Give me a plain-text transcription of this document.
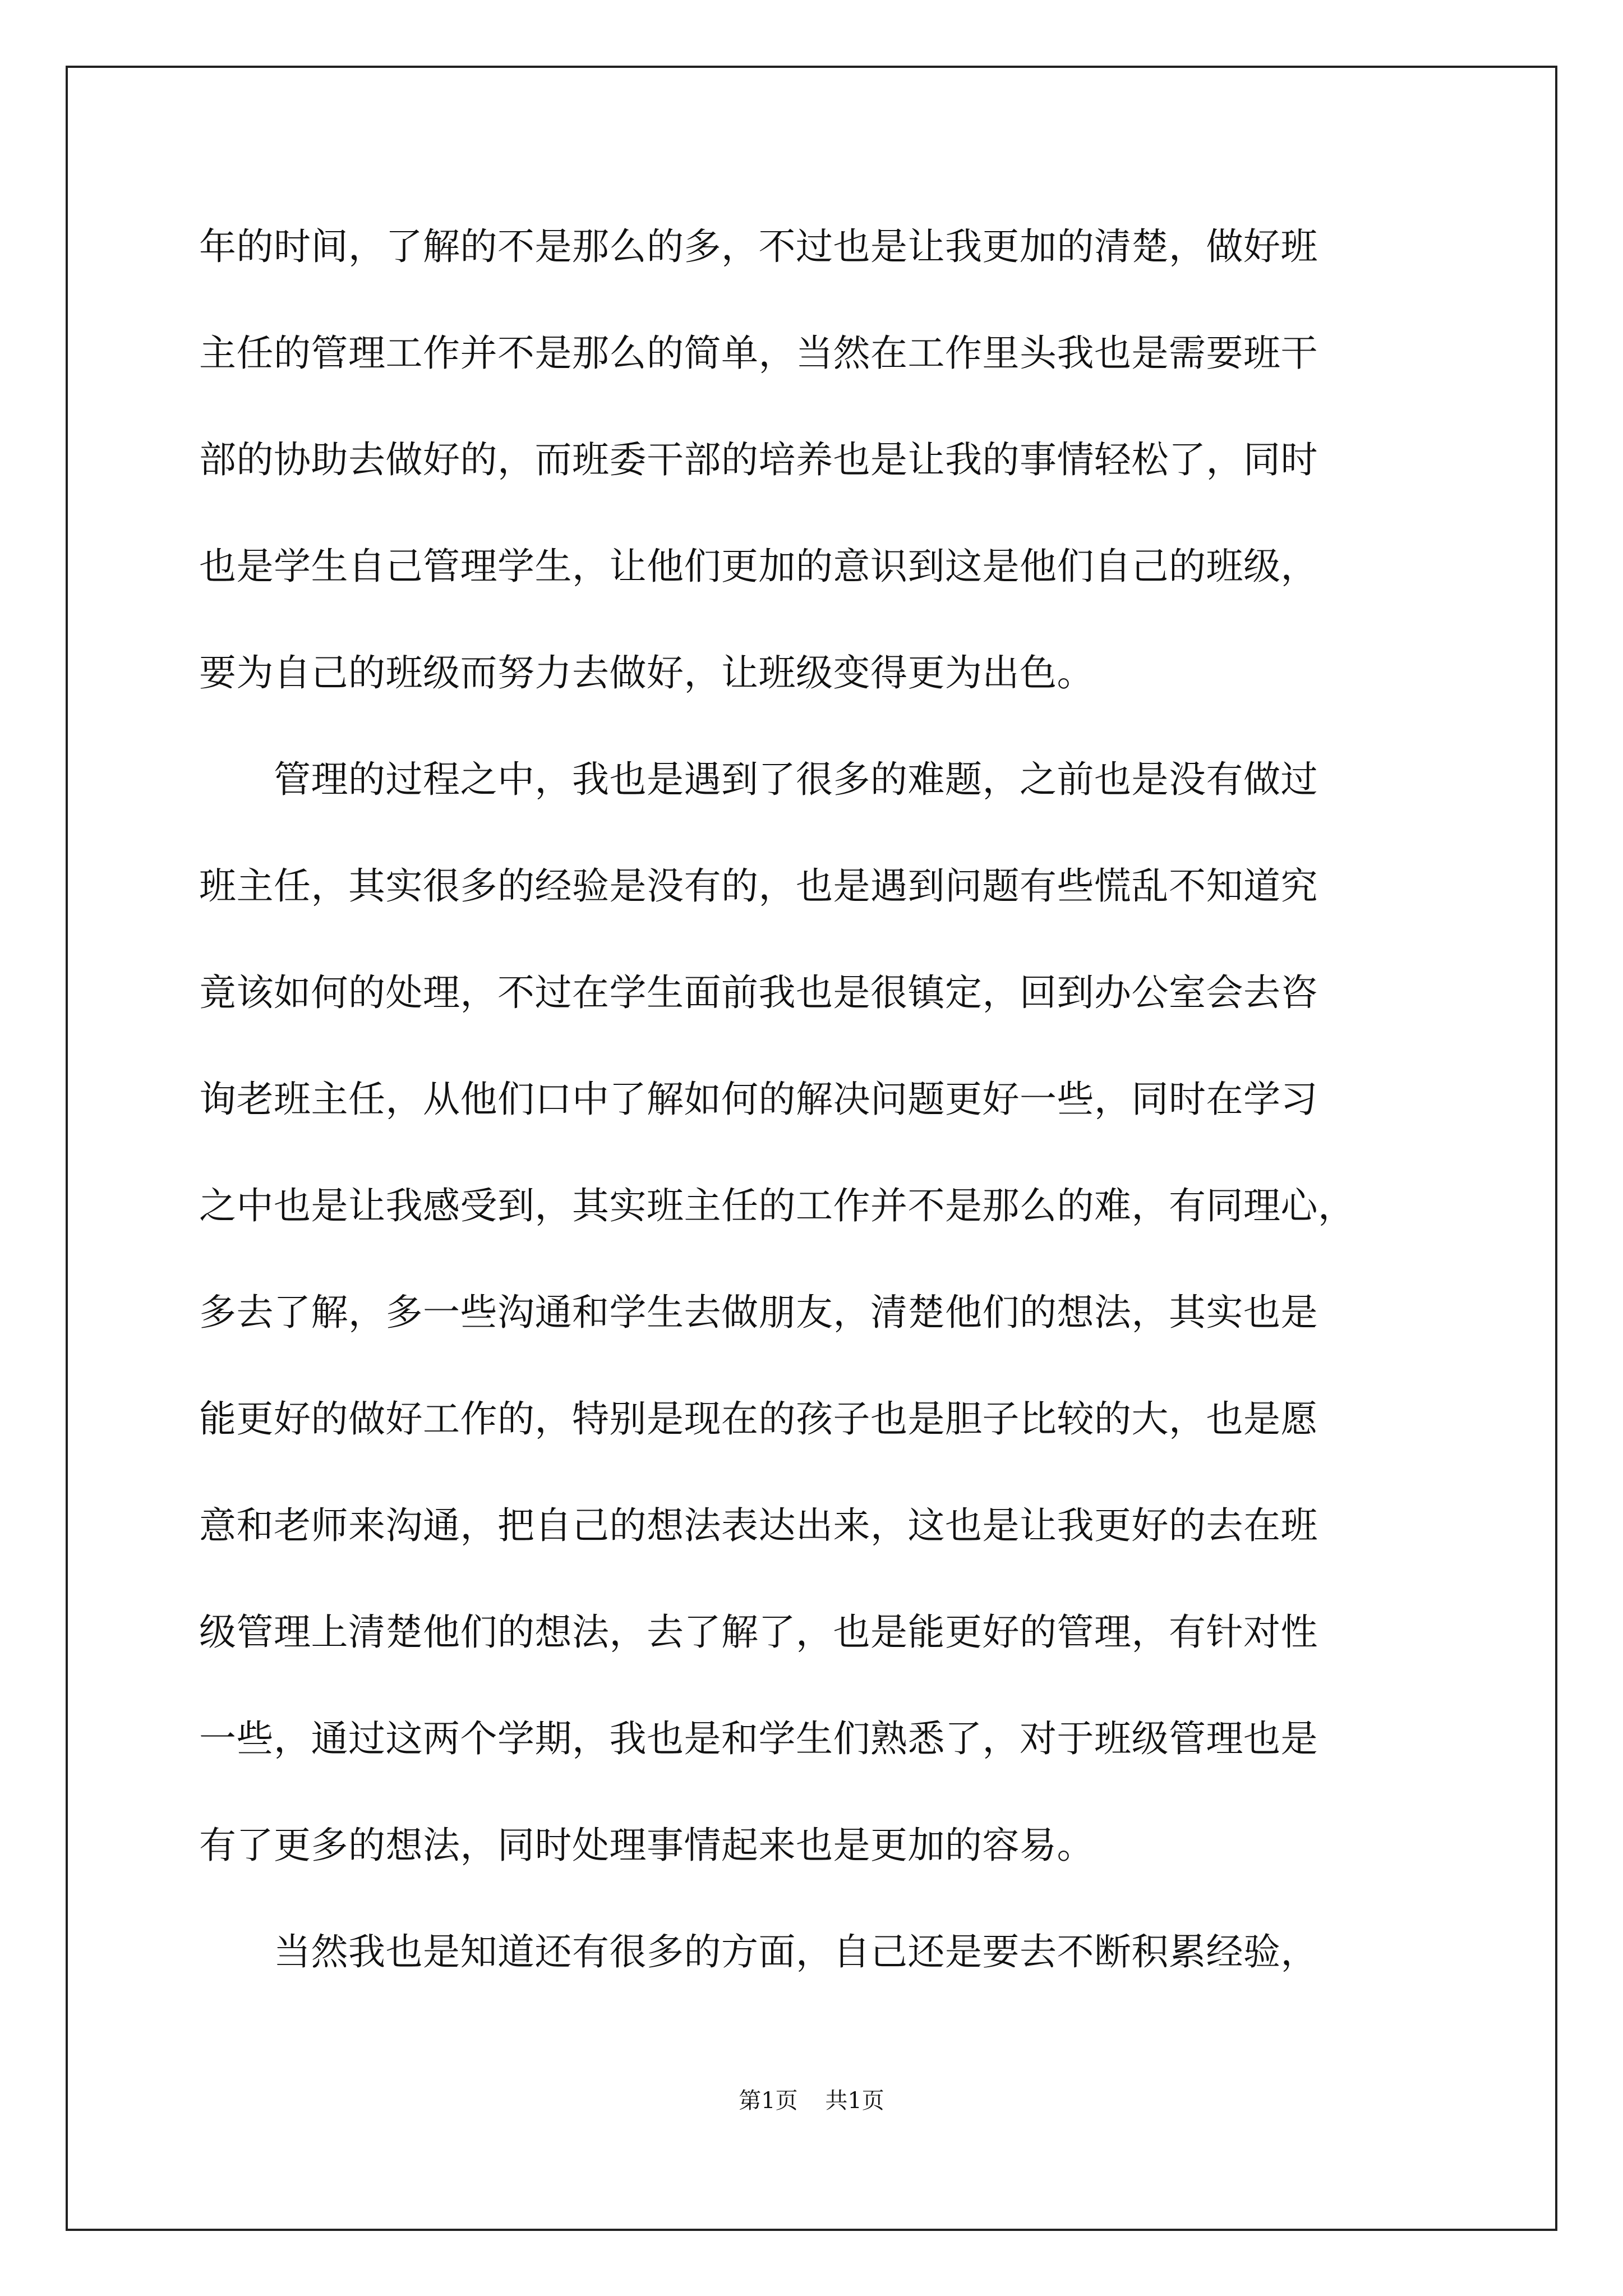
年的时间，了解的不是那么的多，不过也是让我更加的清楚，做好班
主任的管理工作并不是那么的简单，当然在工作里头我也是需要班干
部的协助去做好的，而班委干部的培养也是让我的事情轻松了，同时
也是学生自己管理学生，让他们更加的意识到这是他们自己的班级，
要为自己的班级而努力去做好，让班级变得更为出色。
　　管理的过程之中，我也是遇到了很多的难题，之前也是没有做过
班主任，其实很多的经验是没有的，也是遇到问题有些慌乱不知道究
竟该如何的处理，不过在学生面前我也是很镇定，回到办公室会去咨
询老班主任，从他们口中了解如何的解决问题更好一些，同时在学习
之中也是让我感受到，其实班主任的工作并不是那么的难，有同理心，
多去了解，多一些沟通和学生去做朋友，清楚他们的想法，其实也是
能更好的做好工作的，特别是现在的孩子也是胆子比较的大，也是愿
意和老师来沟通，把自己的想法表达出来，这也是让我更好的去在班
级管理上清楚他们的想法，去了解了，也是能更好的管理，有针对性
一些，通过这两个学期，我也是和学生们熟悉了，对于班级管理也是
有了更多的想法，同时处理事情起来也是更加的容易。
　　当然我也是知道还有很多的方面，自己还是要去不断积累经验，
第1页 共1页
